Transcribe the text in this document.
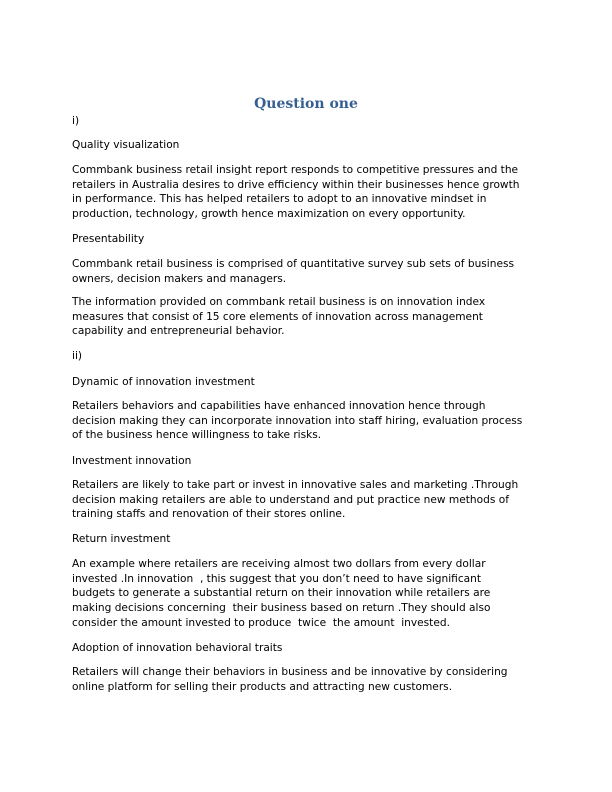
Question one

i)

Quality visualization

Commbank business retail insight report responds to competitive pressures and the
retailers in Australia desires to drive efficiency within their businesses hence growth
in performance. This has helped retailers to adopt to an innovative mindset in
production, technology, growth hence maximization on every opportunity.

Presentability

Commbank retail business is comprised of quantitative survey sub sets of business
owners, decision makers and managers.

The information provided on commbank retail business is on innovation index
measures that consist of 15 core elements of innovation across management
capability and entrepreneurial behavior.

ii)

Dynamic of innovation investment

Retailers behaviors and capabilities have enhanced innovation hence through
decision making they can incorporate innovation into staff hiring, evaluation process
of the business hence willingness to take risks.

Investment innovation

Retailers are likely to take part or invest in innovative sales and marketing .Through
decision making retailers are able to understand and put practice new methods of
training staffs and renovation of their stores online.

Return investment

An example where retailers are receiving almost two dollars from every dollar
invested .In innovation  , this suggest that you don’t need to have significant
budgets to generate a substantial return on their innovation while retailers are
making decisions concerning  their business based on return .They should also
consider the amount invested to produce  twice  the amount  invested.

Adoption of innovation behavioral traits

Retailers will change their behaviors in business and be innovative by considering
online platform for selling their products and attracting new customers.
